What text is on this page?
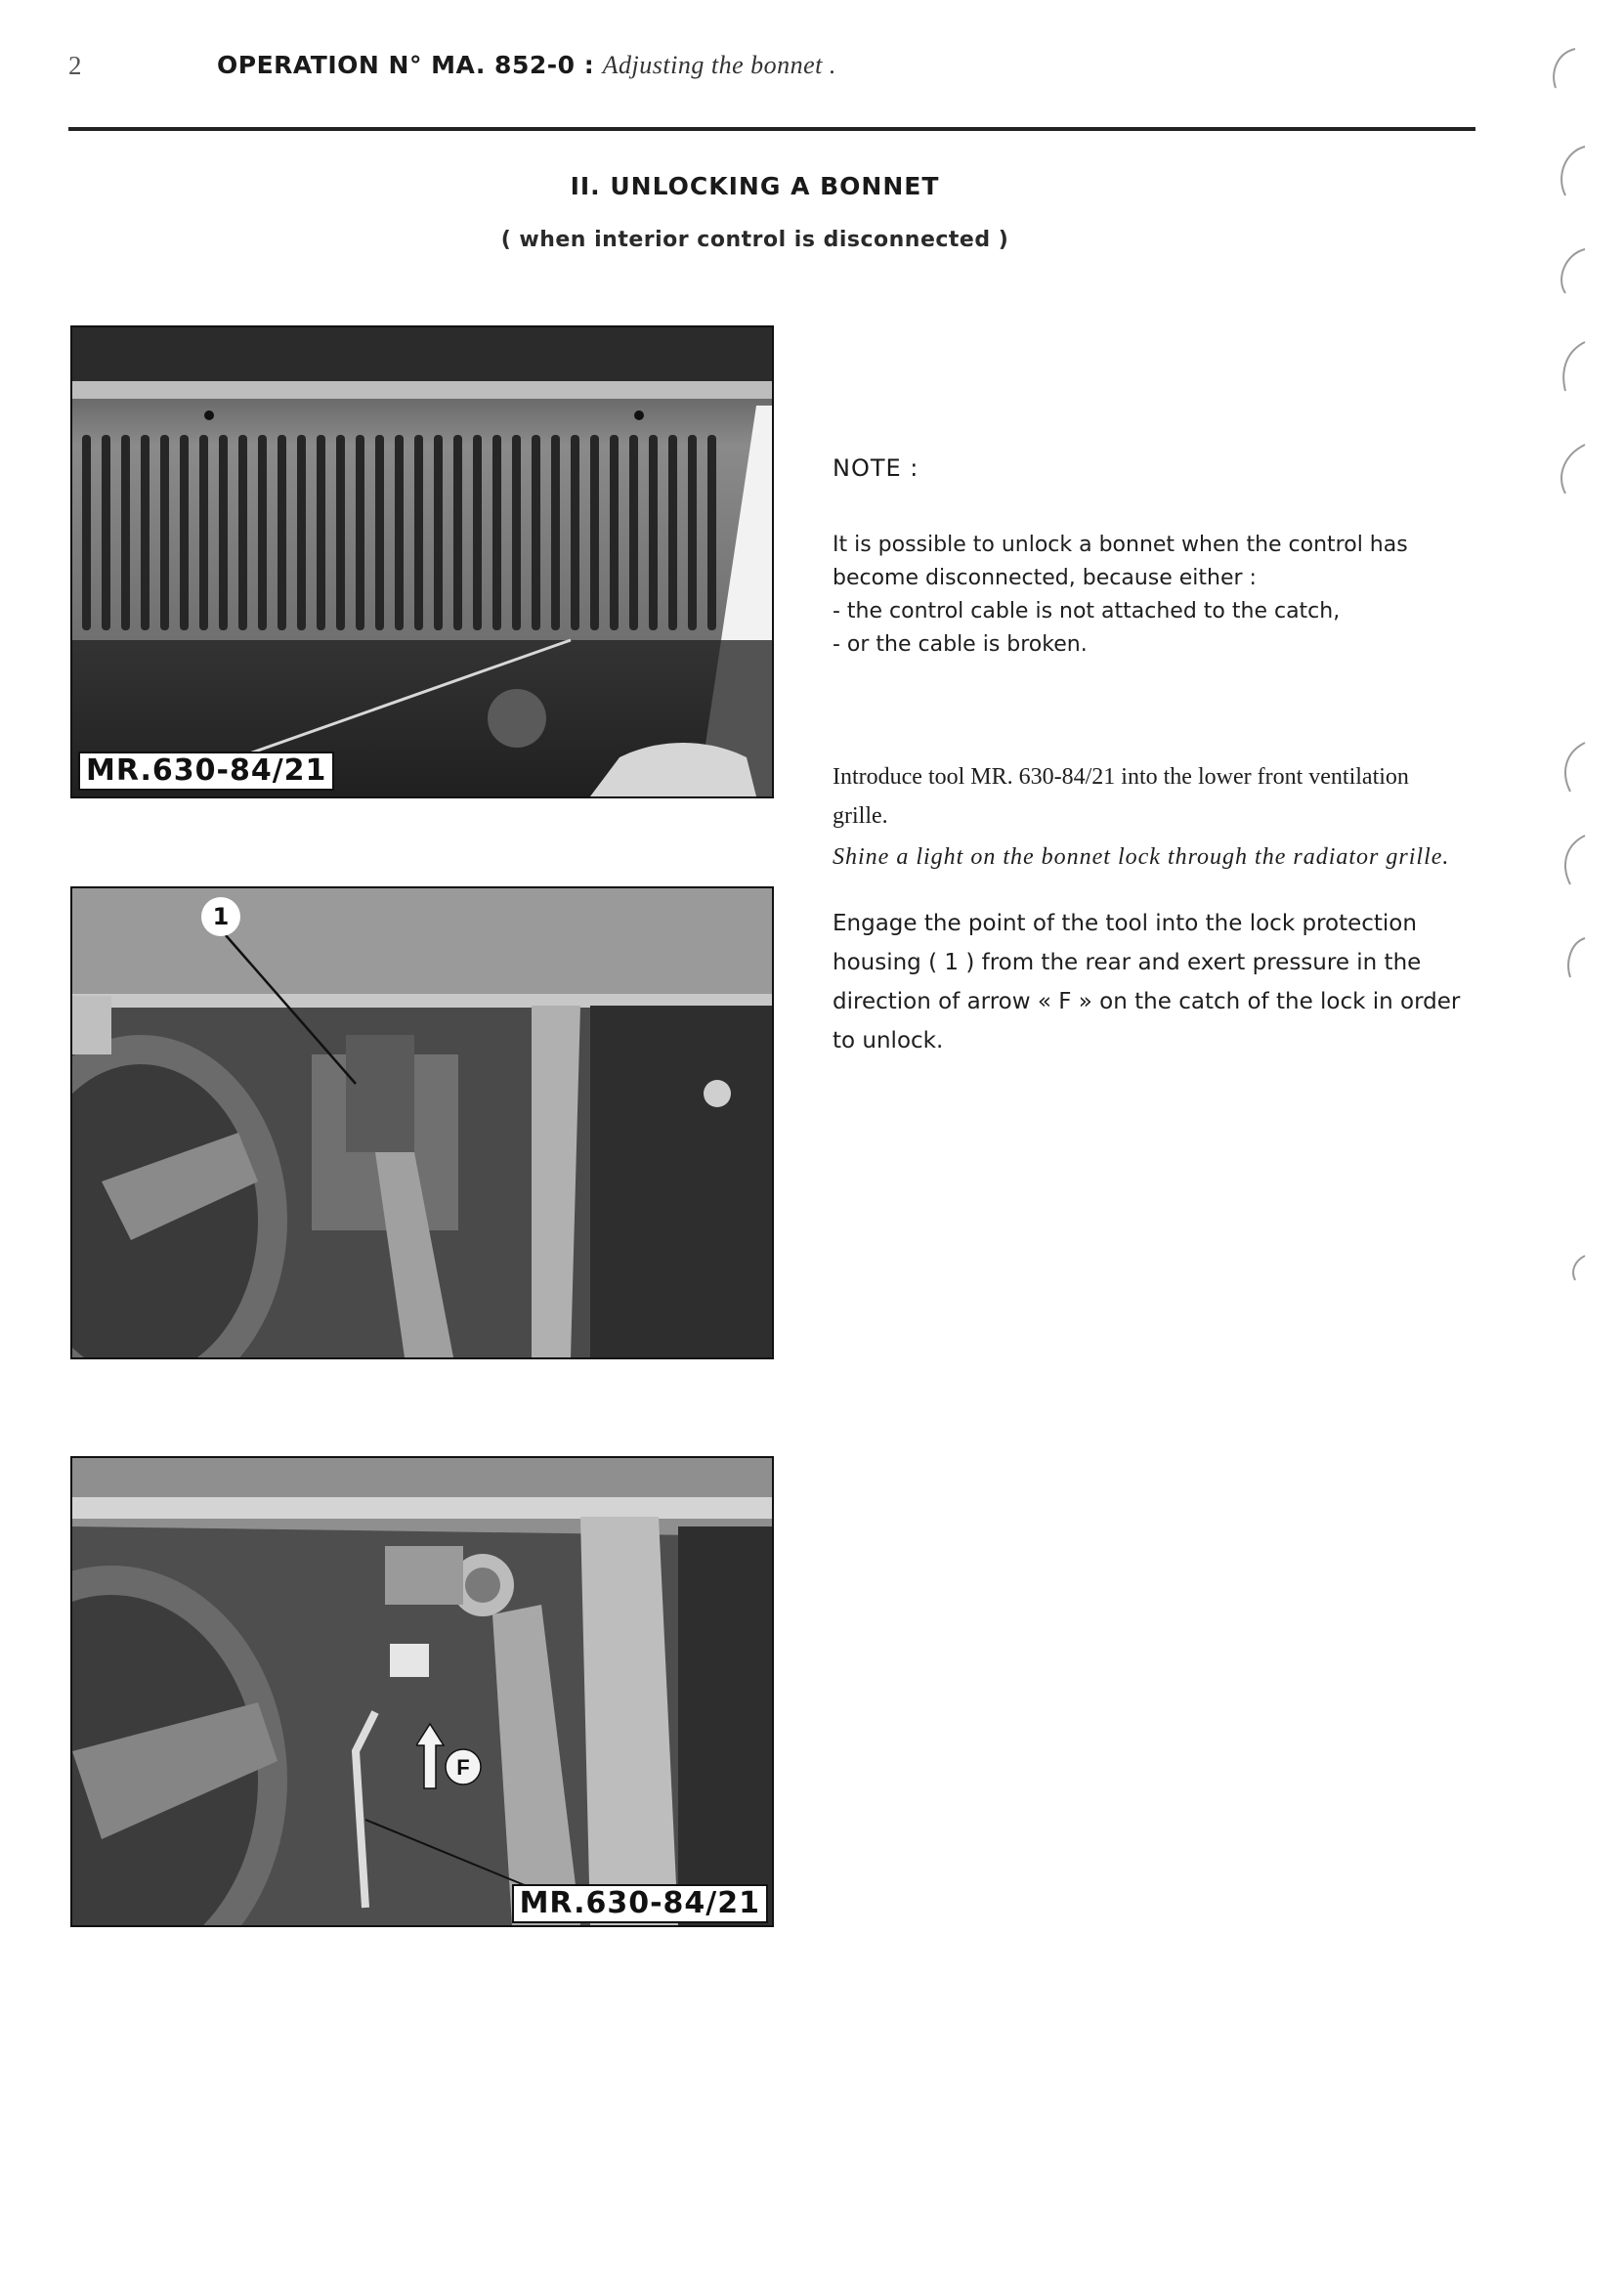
2	OPERATION N° MA. 852-0 : Adjusting the bonnet .
II. UNLOCKING A BONNET
( when interior control is disconnected )
MR.630-84/21
1
F
MR.630-84/21
NOTE :
It is possible to unlock a bonnet when the control has become disconnected, because either :
- the control cable is not attached to the catch,
- or the cable is broken.
Introduce tool MR. 630-84/21 into the lower front ventilation grille.
Shine a light on the bonnet lock through the radiator grille.
Engage the point of the tool into the lock protection housing ( 1 ) from the rear and exert pressure in the direction of arrow « F » on the catch of the lock in order to unlock.
